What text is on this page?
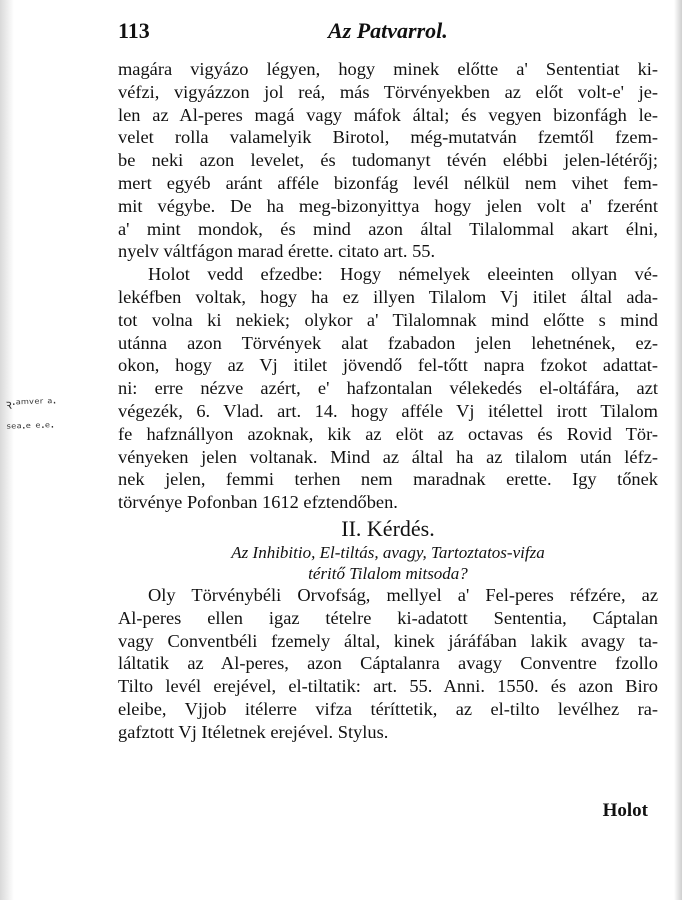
113	Az Patvarrol.
ꝛ·ᵃᵐᵛᵉʳ ᵃ·
ˢᵉᵃ·ᵉ ᵉ·ᵉ·
magára vigyázo légyen, hogy minek előtte a' Sententiat ki-
véfzi, vigyázzon jol reá, más Törvényekben az előt volt-e' je-
len az Al-peres magá vagy máfok által; és vegyen bizonfágh le-
velet rolla valamelyik Birotol, még-mutatván fzemtől fzem-
be neki azon levelet, és tudomanyt tévén elébbi jelen-létérőj;
mert egyéb aránt afféle bizonfág levél nélkül nem vihet fem-
mit végybe. De ha meg-bizonyittya hogy jelen volt a' fzerént
a' mint mondok, és mind azon által Tilalommal akart élni,
nyelv váltfágon marad érette. citato art. 55.
Holot vedd efzedbe: Hogy némelyek eleeinten ollyan vé-
lekéfben voltak, hogy ha ez illyen Tilalom Vj itilet által ada-
tot volna ki nekiek; olykor a' Tilalomnak mind előtte s mind
utánna azon Törvények alat fzabadon jelen lehetnének, ez-
okon, hogy az Vj itilet jövendő fel-tőtt napra fzokot adattat-
ni: erre nézve azért, e' hafzontalan vélekedés el-oltáfára, azt
végezék, 6. Vlad. art. 14. hogy afféle Vj itélettel irott Tilalom
fe hafznállyon azoknak, kik az elöt az octavas és Rovid Tör-
vényeken jelen voltanak. Mind az által ha az tilalom után léfz-
nek jelen, femmi terhen nem maradnak erette. Igy tőnek
törvénye Pofonban 1612 efztendőben.
II. Kérdés.
Az Inhibitio, El-tiltás, avagy, Tartoztatos-vifza
téritő Tilalom mitsoda?
Oly Törvénybéli Orvofság, mellyel a' Fel-peres réfzére, az
Al-peres ellen igaz tételre ki-adatott Sententia, Cáptalan
vagy Conventbéli fzemely által, kinek járáfában lakik avagy ta-
láltatik az Al-peres, azon Cáptalanra avagy Conventre fzollo
Tilto levél erejével, el-tiltatik: art. 55. Anni. 1550. és azon Biro
eleibe, Vjjob itélerre vifza téríttetik, az el-tilto levélhez ra-
gafztott Vj Itéletnek erejével. Stylus.
Holot
